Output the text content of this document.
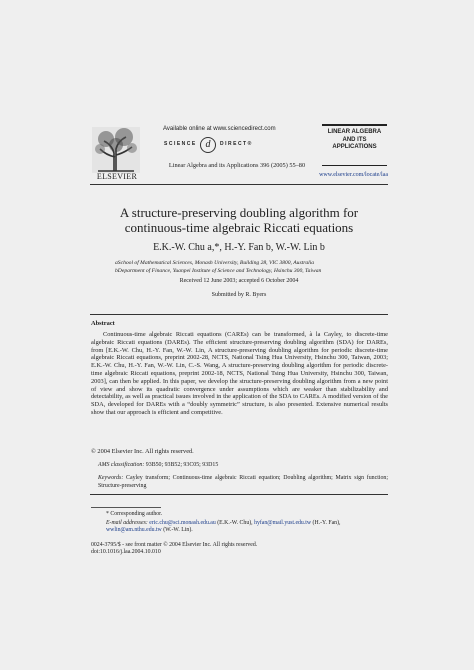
ELSEVIER
Available online at www.sciencedirect.com
SCIENCE d	DIRECT®
Linear Algebra and its Applications 396 (2005) 55–80
LINEAR ALGEBRA
AND ITS
APPLICATIONS
www.elsevier.com/locate/laa
A structure-preserving doubling algorithm for
continuous-time algebraic Riccati equations
E.K.-W. Chu a,*, H.-Y. Fan b, W.-W. Lin b
aSchool of Mathematical Sciences, Monash University, Building 28, VIC 3800, Australia
bDepartment of Finance, Yuanpei Institute of Science and Technology, Hsinchu 300, Taiwan
Received 12 June 2003; accepted 6 October 2004
Submitted by R. Byers
Abstract
Continuous-time algebraic Riccati equations (CAREs) can be transformed, à la Cayley, to discrete-time algebraic Riccati equations (DAREs). The efficient structure-preserving doubling algorithm (SDA) for DAREs, from [E.K.-W. Chu, H.-Y. Fan, W.-W. Lin, A structure-preserving doubling algorithm for periodic discrete-time algebraic Riccati equations, preprint 2002-28, NCTS, National Tsing Hua University, Hsinchu 300, Taiwan, 2003; E.K.-W. Chu, H.-Y. Fan, W.-W. Lin, C.-S. Wang, A structure-preserving doubling algorithm for periodic discrete-time algebraic Riccati equations, preprint 2002-18, NCTS, National Tsing Hua University, Hsinchu 300, Taiwan, 2003], can then be applied. In this paper, we develop the structure-preserving doubling algorithm from a new point of view and show its quadratic convergence under assumptions which are weaker than stabilizability and detectability, as well as practical issues involved in the application of the SDA to CAREs. A modified version of the SDA, developed for DAREs with a “doubly symmetric” structure, is also presented. Extensive numerical results show that our approach is efficient and competitive.
© 2004 Elsevier Inc. All rights reserved.
AMS classification: 93B50; 93B52; 93C05; 93D15
Keywords: Cayley transform; Continuous-time algebraic Riccati equation; Doubling algorithm; Matrix sign function; Structure-preserving
* Corresponding author.
E-mail addresses: eric.chu@sci.monash.edu.au (E.K.-W. Chu), hyfan@mail.yust.edu.tw (H.-Y. Fan), wwlin@am.nthu.edu.tw (W.-W. Lin).
0024-3795/$ - see front matter © 2004 Elsevier Inc. All rights reserved.
doi:10.1016/j.laa.2004.10.010
